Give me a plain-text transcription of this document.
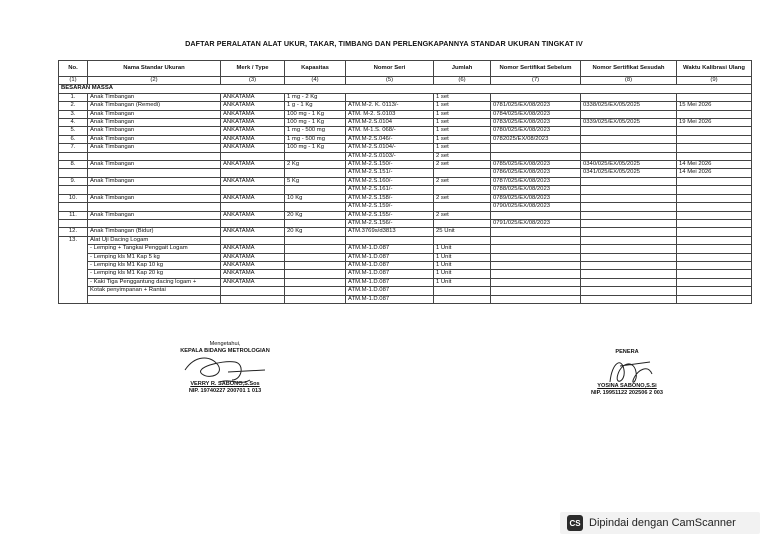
DAFTAR PERALATAN ALAT UKUR, TAKAR, TIMBANG DAN PERLENGKAPANNYA STANDAR UKURAN TINGKAT IV
No.	Nama Standar Ukuran	Merk / Type	Kapasitas	Nomor Seri	Jumlah	Nomor Sertifikat Sebelum	Nomor Sertifikat Sesudah	Waktu Kalibrasi Ulang
(1)	(2)	(3)	(4)	(5)	(6)	(7)	(8)	(9)
BESARAN MASSA								
1.	Anak Timbangan	ANKATAMA	1 mg - 2 Kg		1 set			
2.	Anak Timbangan (Remedi)	ANKATAMA	1 g - 1 Kg	ATM.M-2. K. 0113/-	1 set	0781/025/EX/08/2023	0338/025/EX/05/2025	15 Mei 2026
3.	Anak Timbangan	ANKATAMA	100 mg - 1 Kg	ATM. M-2. S.0103	1 set	0784/025/EX/08/2023		
4.	Anak Timbangan	ANKATAMA	100 mg - 1 Kg	ATM.M-2.S.0104	1 set	0783/025/EX/08/2023	0339/025/EX/05/2025	19 Mei 2026
5.	Anak Timbangan	ANKATAMA	1 mg - 500 mg	ATM. M-1.S. 068/-	1 set	0780/025/EX/08/2023		
6.	Anak Timbangan	ANKATAMA	1 mg - 500 mg	ATM.M-2.S.046/-	1 set	0782025/EX/08/2023		
7.	Anak Timbangan	ANKATAMA	100 mg - 1 Kg	ATM.M-2.S.0104/-	1 set			
				ATM.M-2.S.0103/-	2 set			
8.	Anak Timbangan	ANKATAMA	2 Kg	ATM.M-2.S.150/-	2 set	0785/025/EX/08/2023	0340/025/EX/05/2025	14 Mei 2026
				ATM.M-2.S.151/-		0786/025/EX/08/2023	0341/025/EX/05/2025	14 Mei 2026
9.	Anak Timbangan	ANKATAMA	5 Kg	ATM.M-2.S.160/-	2 set	0787/025/EX/08/2023		
				ATM.M-2.S.161/-		0788/025/EX/08/2023		
10.	Anak Timbangan	ANKATAMA	10 Kg	ATM.M-2.S.158/-	2 set	0789/025/EX/08/2023		
				ATM.M-2.S.159/-		0790/025/EX/08/2023		
11.	Anak Timbangan	ANKATAMA	20 Kg	ATM.M-2.S.155/-	2 set			
				ATM.M-2.S.156/-		0791/025/EX/08/2023		
12.	Anak Timbangan (Bidur)	ANKATAMA	20 Kg	ATM.3769s/d3813	25 Unit			
13.	Alat Uji Dacing Logam							
	- Lemping + Tangkai Penggait Logam	ANKATAMA		ATM.M-1.D.087	1 Unit			
	- Lemping kls M1 Kap 5 kg	ANKATAMA		ATM.M-1.D.087	1 Unit			
	- Lemping kls M1 Kap 10 kg	ANKATAMA		ATM.M-1.D.087	1 Unit			
	- Lemping kls M1 Kap 20 kg	ANKATAMA		ATM.M-1.D.087	1 Unit			
	- Kaki Tiga Penggantung dacing logam +	ANKATAMA		ATM.M-1.D.087	1 Unit			
	Kotak penyimpanan + Rantai			ATM.M-1.D.087				
				ATM.M-1.D.087				
Mengetahui,
KEPALA BIDANG METROLOGIAN
VERRY R. SABONO,S.Sos
NIP. 19740227 200701 1 013
PENERA
YOSINA SABONO,S.Si
NIP. 19951122 202506 2 003
CS Dipindai dengan CamScanner
